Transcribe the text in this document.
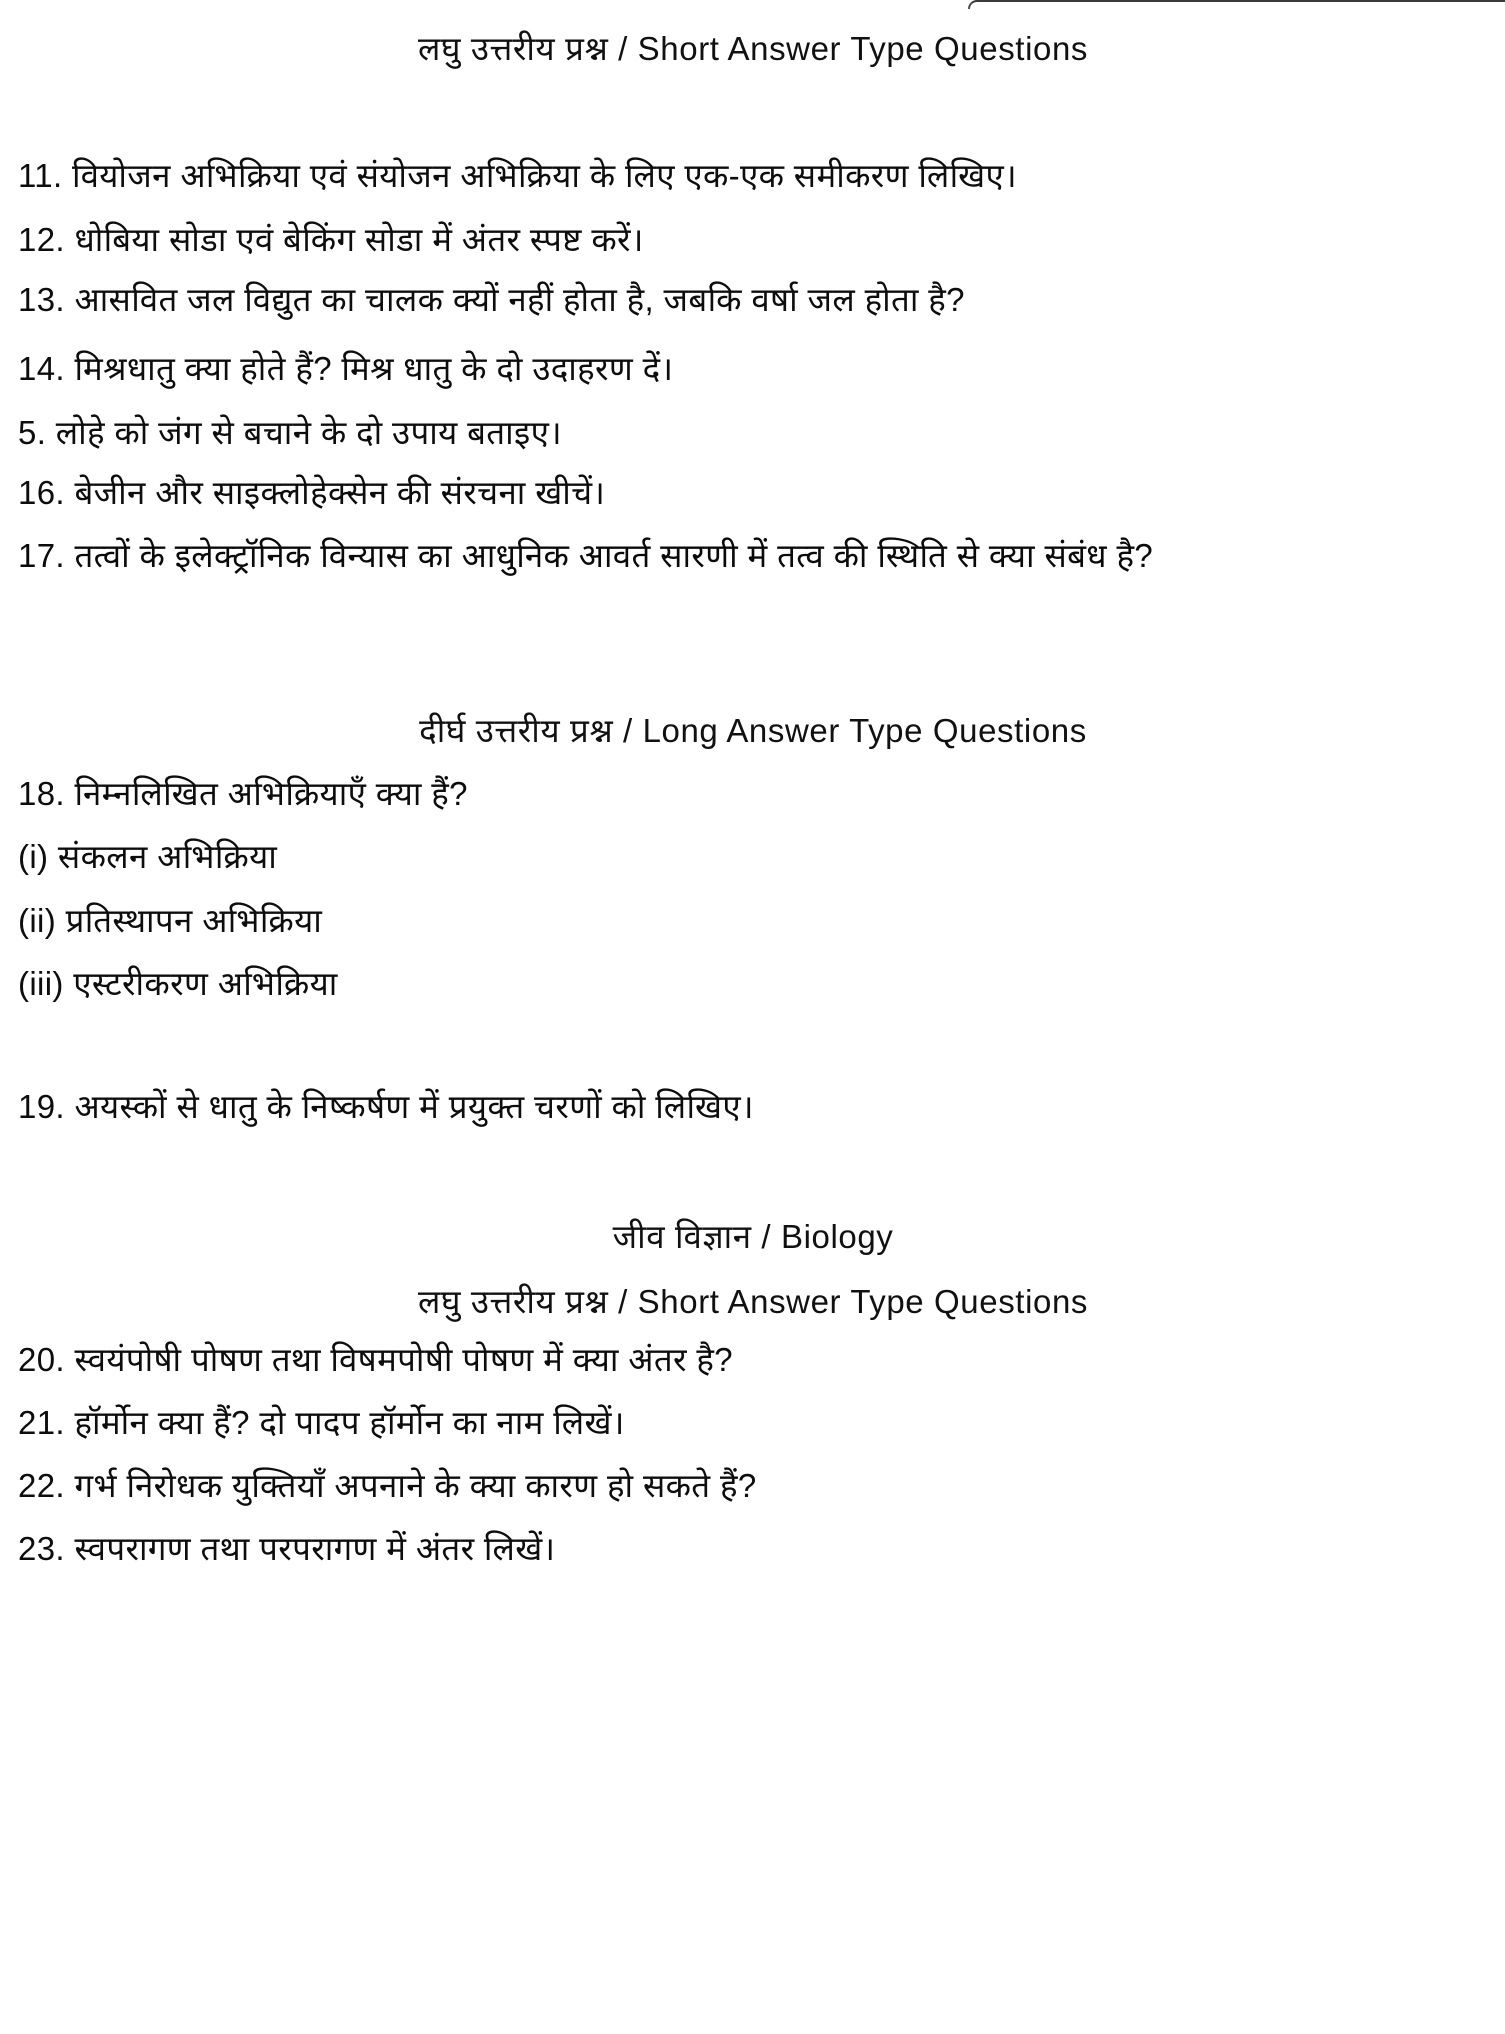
लघु उत्तरीय प्रश्न / Short Answer Type Questions
11. वियोजन अभिक्रिया एवं संयोजन अभिक्रिया के लिए एक-एक समीकरण लिखिए।
12. धोबिया सोडा एवं बेकिंग सोडा में अंतर स्पष्ट करें।
13. आसवित जल विद्युत का चालक क्यों नहीं होता है, जबकि वर्षा जल होता है?
14. मिश्रधातु क्या होते हैं? मिश्र धातु के दो उदाहरण दें।
5. लोहे को जंग से बचाने के दो उपाय बताइए।
16. बेजीन और साइक्लोहेक्सेन की संरचना खीचें।
17. तत्वों के इलेक्ट्रॉनिक विन्यास का आधुनिक आवर्त सारणी में तत्व की स्थिति से क्या संबंध है?
दीर्घ उत्तरीय प्रश्न / Long Answer Type Questions
18. निम्नलिखित अभिक्रियाएँ क्या हैं?
(i) संकलन अभिक्रिया
(ii) प्रतिस्थापन अभिक्रिया
(iii) एस्टरीकरण अभिक्रिया
19. अयस्कों से धातु के निष्कर्षण में प्रयुक्त चरणों को लिखिए।
जीव विज्ञान / Biology
लघु उत्तरीय प्रश्न / Short Answer Type Questions
20. स्वयंपोषी पोषण तथा विषमपोषी पोषण में क्या अंतर है?
21. हॉर्मोन क्या हैं? दो पादप हॉर्मोन का नाम लिखें।
22. गर्भ निरोधक युक्तियाँ अपनाने के क्या कारण हो सकते हैं?
23. स्वपरागण तथा परपरागण में अंतर लिखें।
